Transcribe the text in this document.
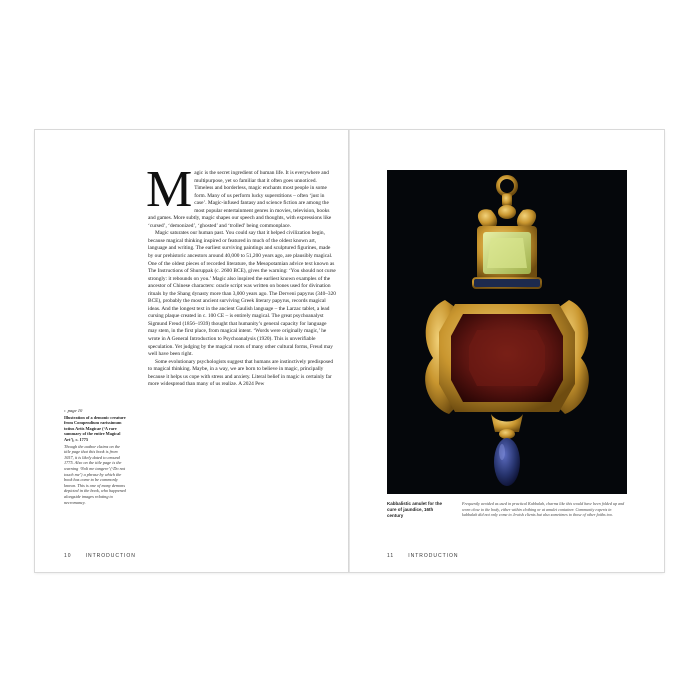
Magic is the secret ingredient of human life. It is everywhere and multipurpose, yet so familiar that it often goes unnoticed. Timeless and borderless, magic enchants most people in some form. Many of us perform lucky superstitions – often ‘just in case’. Magic-infused fantasy and science fiction are among the most popular entertainment genres in movies, television, books and games. More subtly, magic shapes our speech and thoughts, with expressions like ‘cursed’, ‘demonized’, ‘ghosted’ and ‘trolled’ being commonplace.

Magic saturates our human past. You could say that it helped civilization begin, because magical thinking inspired or featured in much of the oldest known art, language and writing. The earliest surviving paintings and sculptured figurines, made by our prehistoric ancestors around 40,000 to 51,200 years ago, are plausibly magical. One of the oldest pieces of recorded literature, the Mesopotamian advice text known as The Instructions of Shuruppak (c. 2600 BCE), gives the warning: ‘You should not curse strongly: it rebounds on you.’ Magic also inspired the earliest known examples of the ancestor of Chinese characters: oracle script was written on bones used for divination rituals by the Shang dynasty more than 3,000 years ago. The Derveni papyrus (340–320 BCE), probably the most ancient surviving Greek literary papyrus, records magical ideas. And the longest text in the ancient Gaulish language – the Larzac tablet, a lead cursing plaque created in c. 100 CE – is entirely magical. The great psychoanalyst Sigmund Freud (1856–1939) thought that humanity’s general capacity for language may stem, in the first place, from magical intent. ‘Words were originally magic,’ he wrote in A General Introduction to Psychoanalysis (1920). This is unverifiable speculation. Yet judging by the magical roots of many other cultural forms, Freud may well have been right.

Some evolutionary psychologists suggest that humans are instinctively predisposed to magical thinking. Maybe, in a way, we are born to believe in magic, principally because it helps us cope with stress and anxiety. Literal belief in magic is certainly far more widespread than many of us realize. A 2024 Pew

‹ page 10
Illustration of a demonic creature from Compendium rarissimum totius Artis Magicae (‘A rare summary of the entire Magical Art’), c. 1775
Though the author claims on the title page that this book is from 1057, it is likely dated to around 1775. Also on the title page is the warning ‘Noli me tangere’ (‘Do not touch me’) a phrase by which the book has come to be commonly known. This is one of many demons depicted in the book, who happened alongside images relating to necromancy.
10	INTRODUCTION
Kabbalistic amulet for the cure of jaundice, 16th century
Frequently avoided as used in practical Kabbalah, charms like this would have been folded up and worn close to the body, either within clothing or at amulet container. Community experts in kabbalah did not only come to Jewish clients but also sometimes to those of other faiths too.
11	INTRODUCTION
